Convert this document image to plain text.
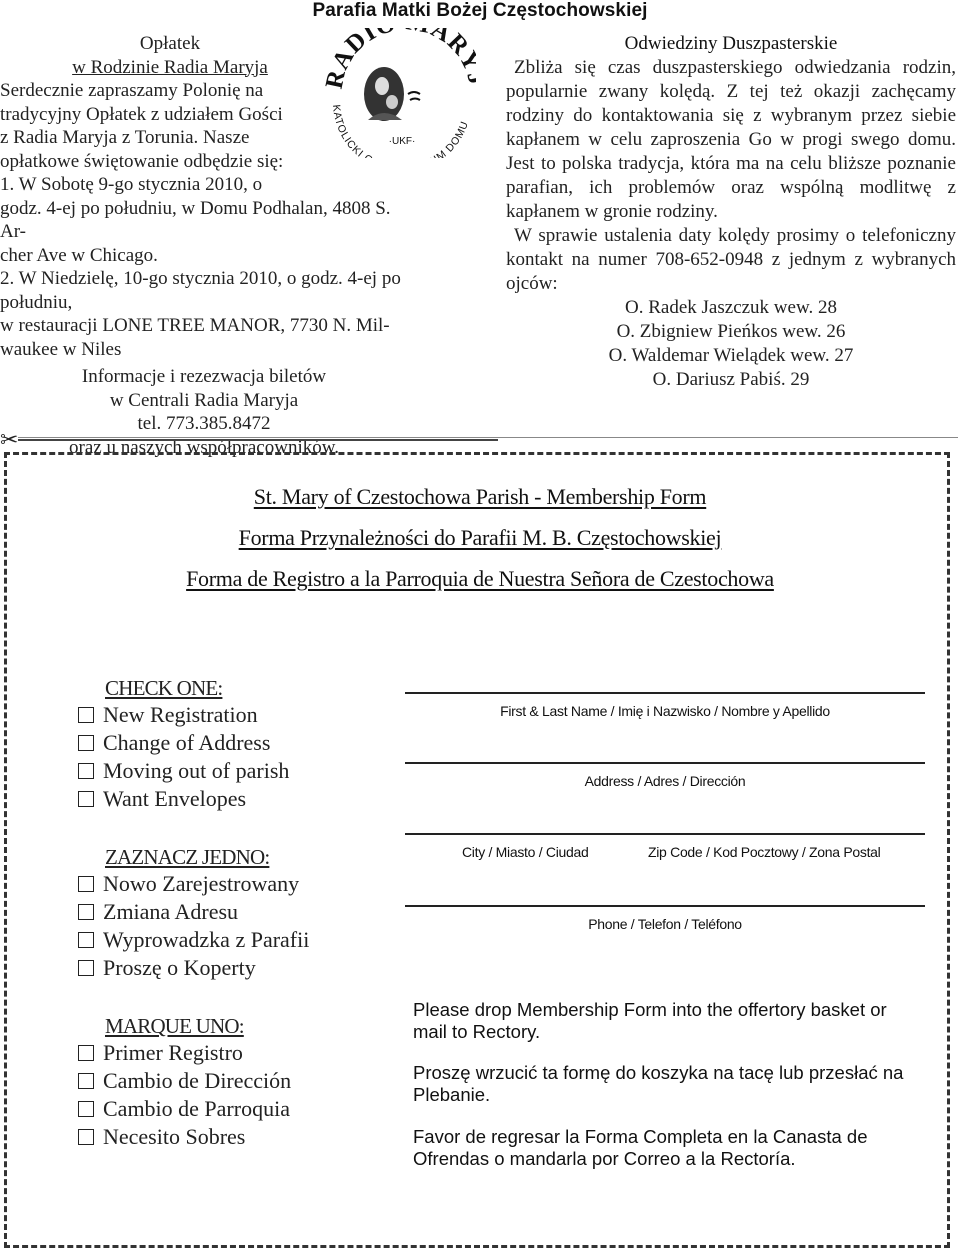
Parafia Matki Bożej Częstochowskiej
Opłatek
w Rodzinie Radia Maryja
Serdecznie zapraszamy Polonię na
tradycyjny Opłatek z udziałem Gości
z Radia Maryja z Torunia. Nasze
opłatkowe świętowanie odbędzie się:
1. W Sobotę 9-go stycznia 2010, o
godz. 4-ej po południu, w Domu Podhalan, 4808 S. Ar-
cher Ave w Chicago.
2. W Niedzielę, 10-go stycznia 2010, o godz. 4-ej po
południu,
w restauracji LONE TREE MANOR, 7730 N. Mil-
waukee w Niles
Informacje i rezezwacja biletów
w Centrali Radia Maryja
tel. 773.385.8472
oraz u naszych współpracowników.
RADI AR
KATOLICKI M DOMU
·UKF·
Odwiedziny Duszpasterskie

Zbliża się czas duszpasterskiego odwiedzania rodzin, popularnie zwany kolędą. Z tej też okazji zachęcamy rodziny do kontaktowania się z wybranym przez siebie kapłanem w celu zaproszenia Go w progi swego domu. Jest to polska tradycja, która ma na celu bliższe poznanie parafian, ich problemów oraz wspólną modlitwę z kapłanem w gronie rodziny.

W sprawie ustalenia daty kolędy prosimy o telefoniczny kontakt na numer 708-652-0948 z jednym z wybranych ojców:

O. Radek Jaszczuk wew. 28
O. Zbigniew Pieńkos wew. 26
O. Waldemar Wielądek wew. 27
O. Dariusz Pabiś. 29
✂
St. Mary of Czestochowa Parish - Membership Form
Forma Przynależności do Parafii M. B. Częstochowskiej
Forma de Registro a la Parroquia de Nuestra Señora de Czestochowa
CHECK ONE:
New Registration
Change of Address
Moving out of parish
Want Envelopes
ZAZNACZ JEDNO:
Nowo Zarejestrowany
Zmiana Adresu
Wyprowadzka z Parafii
Proszę o Koperty
MARQUE UNO:
Primer Registro
Cambio de Dirección
Cambio de Parroquia
Necesito Sobres
First & Last Name / Imię i Nazwisko / Nombre y Apellido
Address / Adres / Dirección
City / Miasto / Ciudad	Zip Code / Kod Pocztowy / Zona Postal
Phone / Telefon / Teléfono
Please drop Membership Form into the offertory basket or mail to Rectory.
Proszę wrzucić ta formę do koszyka na tacę lub przesłać na Plebanie.
Favor de regresar la Forma Completa en la Canasta de Ofrendas o mandarla por Correo a la Rectoría.
